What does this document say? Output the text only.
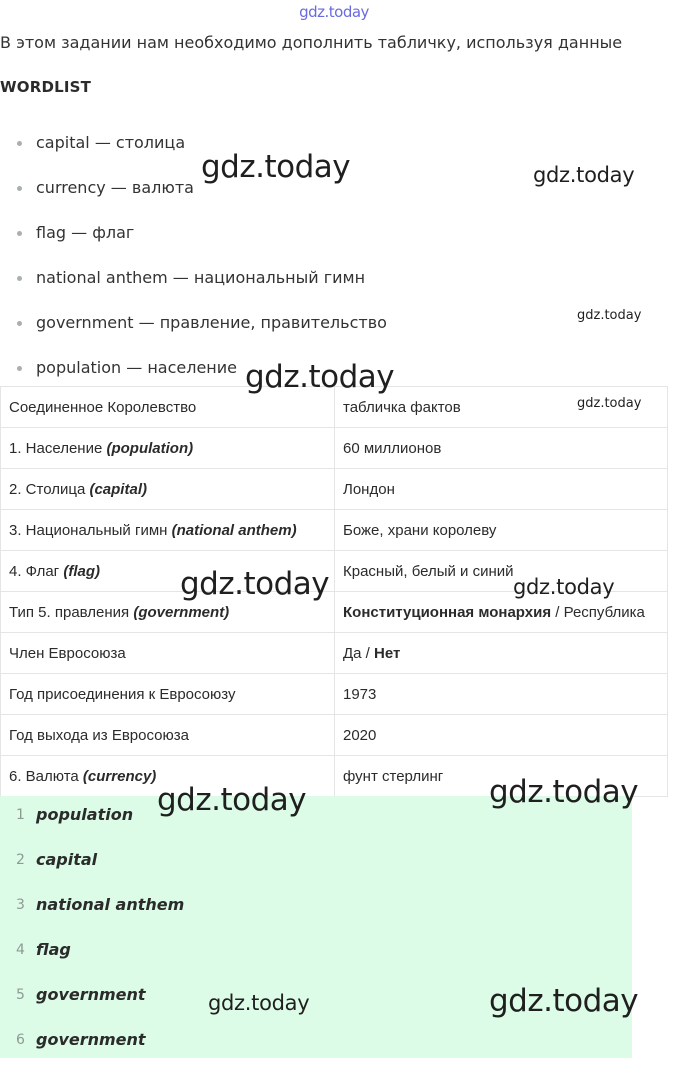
gdz.today
В этом задании нам необходимо дополнить табличку, используя данные
WORDLIST
capital — столица
currency — валюта
flag — флаг
national anthem — национальный гимн
government — правление, правительство
population — население
Соединенное Королевство	табличка фактов
1. Население (population)	60 миллионов
2. Столица (capital)	Лондон
3. Национальный гимн (national anthem)	Боже, храни королеву
4. Флаг (flag)	Красный, белый и синий
Тип 5. правления (government)	Конституционная монархия / Республика
Член Евросоюза	Да / Нет
Год присоединения к Евросоюзу	1973
Год выхода из Евросоюза	2020
6. Валюта (currency)	фунт стерлинг
1 population
2 capital
3 national anthem
4 flag
5 government
6 government
gdz.today	gdz.today
gdz.today
gdz.today
gdz.today
gdz.today	gdz.today
gdz.today	gdz.today
gdz.today	gdz.today
